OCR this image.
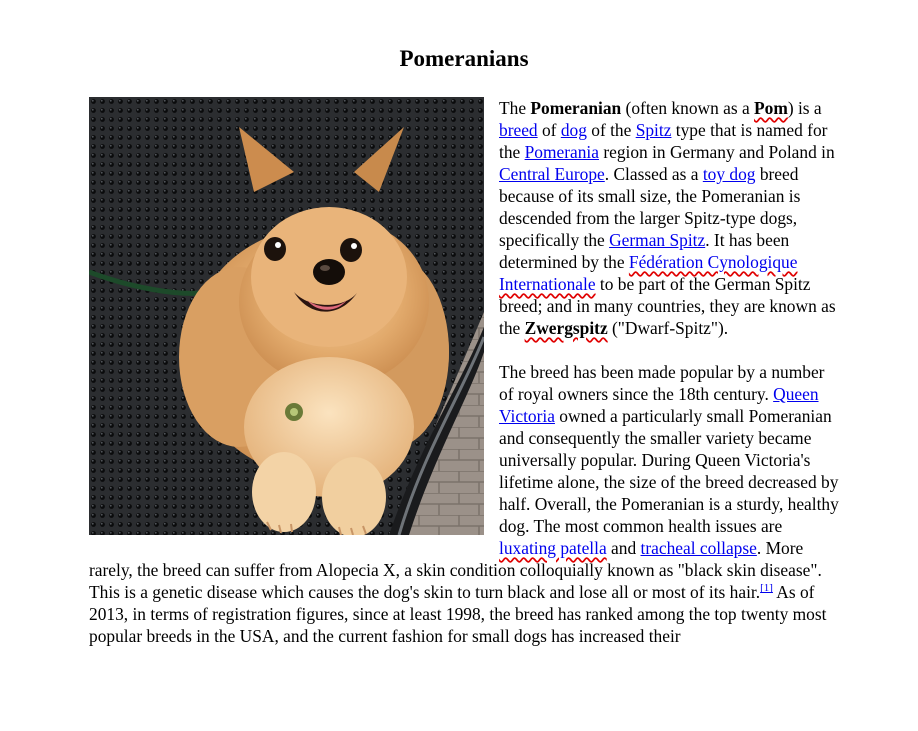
Pomeranians

The Pomeranian (often known as a Pom) is a breed of dog of the Spitz type that is named for the Pomerania region in Germany and Poland in Central Europe. Classed as a toy dog breed because of its small size, the Pomeranian is descended from the larger Spitz-type dogs, specifically the German Spitz. It has been determined by the Fédération Cynologique Internationale to be part of the German Spitz breed; and in many countries, they are known as the Zwergspitz ("Dwarf-Spitz").

The breed has been made popular by a number of royal owners since the 18th century. Queen Victoria owned a particularly small Pomeranian and consequently the smaller variety became universally popular. During Queen Victoria's lifetime alone, the size of the breed decreased by half. Overall, the Pomeranian is a sturdy, healthy dog. The most common health issues are luxating patella and tracheal collapse. More rarely, the breed can suffer from Alopecia X, a skin condition colloquially known as "black skin disease". This is a genetic disease which causes the dog's skin to turn black and lose all or most of its hair.[1] As of 2013, in terms of registration figures, since at least 1998, the breed has ranked among the top twenty most popular breeds in the USA, and the current fashion for small dogs has increased their
